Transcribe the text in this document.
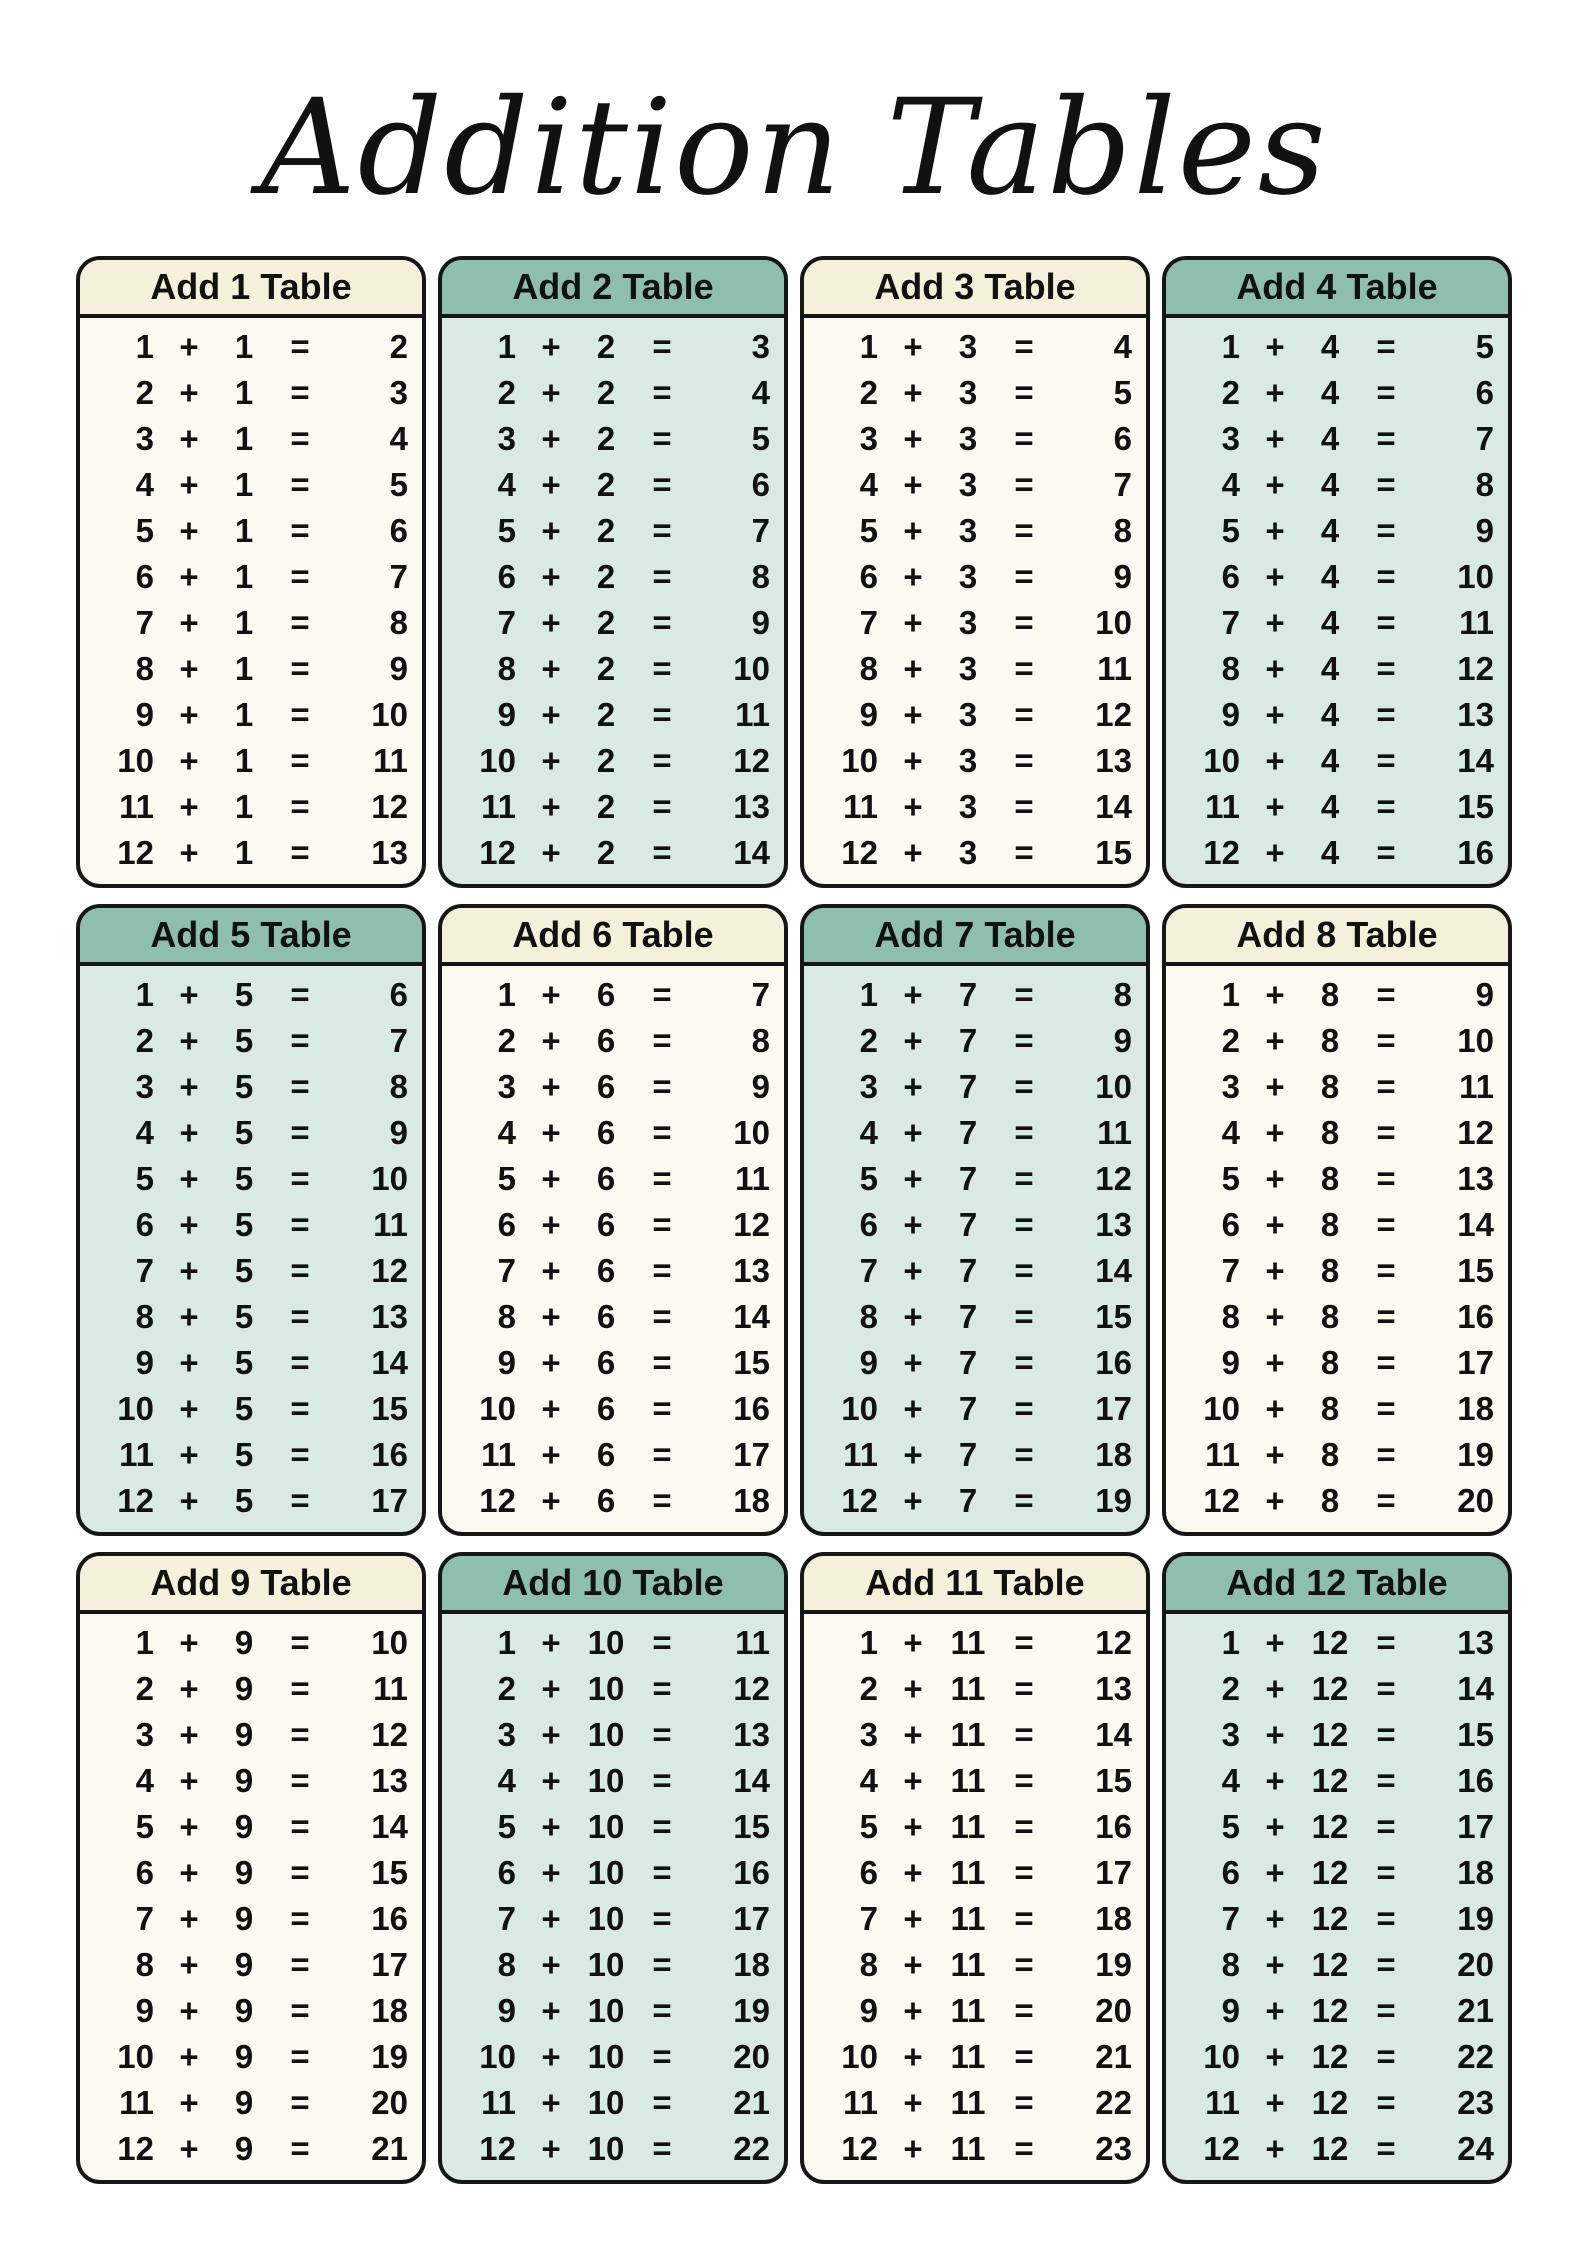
Addition Tables
Add 1 Table
1 +	1	=	2
2 +	1	=	3
3 +	1	=	4
4 +	1	=	5
5 +	1	=	6
6 +	1	=	7
7 +	1	=	8
8 +	1	=	9
9 +	1	=	10
10 +	1	=	11
11 +	1	=	12
12 +	1	=	13
Add 2 Table
1 +	2	=	3
2 +	2	=	4
3 +	2	=	5
4 +	2	=	6
5 +	2	=	7
6 +	2	=	8
7 +	2	=	9
8 +	2	=	10
9 +	2	=	11
10 +	2	=	12
11 +	2	=	13
12 +	2	=	14
Add 3 Table
1 +	3	=	4
2 +	3	=	5
3 +	3	=	6
4 +	3	=	7
5 +	3	=	8
6 +	3	=	9
7 +	3	=	10
8 +	3	=	11
9 +	3	=	12
10 +	3	=	13
11 +	3	=	14
12 +	3	=	15
Add 4 Table
1 +	4	=	5
2 +	4	=	6
3 +	4	=	7
4 +	4	=	8
5 +	4	=	9
6 +	4	=	10
7 +	4	=	11
8 +	4	=	12
9 +	4	=	13
10 +	4	=	14
11 +	4	=	15
12 +	4	=	16
Add 5 Table
1 +	5	=	6
2 +	5	=	7
3 +	5	=	8
4 +	5	=	9
5 +	5	=	10
6 +	5	=	11
7 +	5	=	12
8 +	5	=	13
9 +	5	=	14
10 +	5	=	15
11 +	5	=	16
12 +	5	=	17
Add 6 Table
1 +	6	=	7
2 +	6	=	8
3 +	6	=	9
4 +	6	=	10
5 +	6	=	11
6 +	6	=	12
7 +	6	=	13
8 +	6	=	14
9 +	6	=	15
10 +	6	=	16
11 +	6	=	17
12 +	6	=	18
Add 7 Table
1 +	7	=	8
2 +	7	=	9
3 +	7	=	10
4 +	7	=	11
5 +	7	=	12
6 +	7	=	13
7 +	7	=	14
8 +	7	=	15
9 +	7	=	16
10 +	7	=	17
11 +	7	=	18
12 +	7	=	19
Add 8 Table
1 +	8	=	9
2 +	8	=	10
3 +	8	=	11
4 +	8	=	12
5 +	8	=	13
6 +	8	=	14
7 +	8	=	15
8 +	8	=	16
9 +	8	=	17
10 +	8	=	18
11 +	8	=	19
12 +	8	=	20
Add 9 Table
1 +	9	=	10
2 +	9	=	11
3 +	9	=	12
4 +	9	=	13
5 +	9	=	14
6 +	9	=	15
7 +	9	=	16
8 +	9	=	17
9 +	9	=	18
10 +	9	=	19
11 +	9	=	20
12 +	9	=	21
Add 10 Table
1 + 10 =	11
2 + 10 =	12
3 + 10 =	13
4 + 10 =	14
5 + 10 =	15
6 + 10 =	16
7 + 10 =	17
8 + 10 =	18
9 + 10 =	19
10 + 10 =	20
11 + 10 =	21
12 + 10 =	22
Add 11 Table
1 + 11 =	12
2 + 11 =	13
3 + 11 =	14
4 + 11 =	15
5 + 11 =	16
6 + 11 =	17
7 + 11 =	18
8 + 11 =	19
9 + 11 =	20
10 + 11 =	21
11 + 11 =	22
12 + 11 =	23
Add 12 Table
1 + 12 =	13
2 + 12 =	14
3 + 12 =	15
4 + 12 =	16
5 + 12 =	17
6 + 12 =	18
7 + 12 =	19
8 + 12 =	20
9 + 12 =	21
10 + 12 =	22
11 + 12 =	23
12 + 12 =	24
